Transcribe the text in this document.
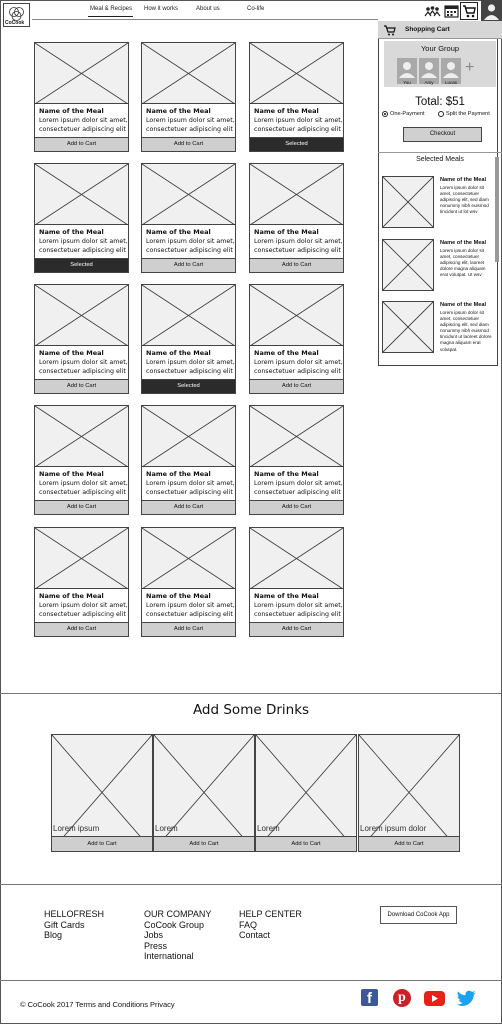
CoCook
Meal & Recipes How it works	About us	Co-life
Name of the Meal
Lorem ipsum dolor sit amet, consectetuer adipiscing elit
Add to Cart
Name of the Meal
Lorem ipsum dolor sit amet, consectetuer adipiscing elit
Add to Cart
Name of the Meal
Lorem ipsum dolor sit amet, consectetuer adipiscing elit
Selected
Name of the Meal
Lorem ipsum dolor sit amet, consectetuer adipiscing elit
Selected
Name of the Meal
Lorem ipsum dolor sit amet, consectetuer adipiscing elit
Add to Cart
Name of the Meal
Lorem ipsum dolor sit amet, consectetuer adipiscing elit
Add to Cart
Name of the Meal
Lorem ipsum dolor sit amet, consectetuer adipiscing elit
Add to Cart
Name of the Meal
Lorem ipsum dolor sit amet, consectetuer adipiscing elit
Selected
Name of the Meal
Lorem ipsum dolor sit amet, consectetuer adipiscing elit
Add to Cart
Name of the Meal
Lorem ipsum dolor sit amet, consectetuer adipiscing elit
Add to Cart
Name of the Meal
Lorem ipsum dolor sit amet, consectetuer adipiscing elit
Add to Cart
Name of the Meal
Lorem ipsum dolor sit amet, consectetuer adipiscing elit
Add to Cart
Name of the Meal
Lorem ipsum dolor sit amet, consectetuer adipiscing elit
Add to Cart
Name of the Meal
Lorem ipsum dolor sit amet, consectetuer adipiscing elit
Add to Cart
Name of the Meal
Lorem ipsum dolor sit amet, consectetuer adipiscing elit
Add to Cart
Shopping Cart
Your Group
You	Amy	Lucas
+
Total: $51
One-Payment	Split the Payment
Checkout
Selected Meals
Name of the Meal
Lorem ipsum dolor sit amet, consectetuer adipiscing elit, sed diam nonummy nibh euismod tincidunt ut lot wsv
Name of the Meal
Lorem ipsum dolor sit amet, consectetuer adipiscing elit, laoreet dolore magna aliquam erat volutpat. Ut wsv
Name of the Meal
Lorem ipsum dolor sit amet, consectetuer adipiscing elit, sed diam nonummy nibh euismod tincidunt ut laoreet dolore magna aliquam erat volutpat.
Add Some Drinks
Lorem ipsum
Add to Cart
Lorem
Add to Cart
Lorem
Add to Cart
Lorem ipsum dolor
Add to Cart
HELLOFRESH
Gift Cards
Blog
OUR COMPANY
CoCook Group
Jobs
Press
International
HELP CENTER
FAQ
Contact
Download CoCook App
© CoCook 2017 Terms and Conditions Privacy	f p
